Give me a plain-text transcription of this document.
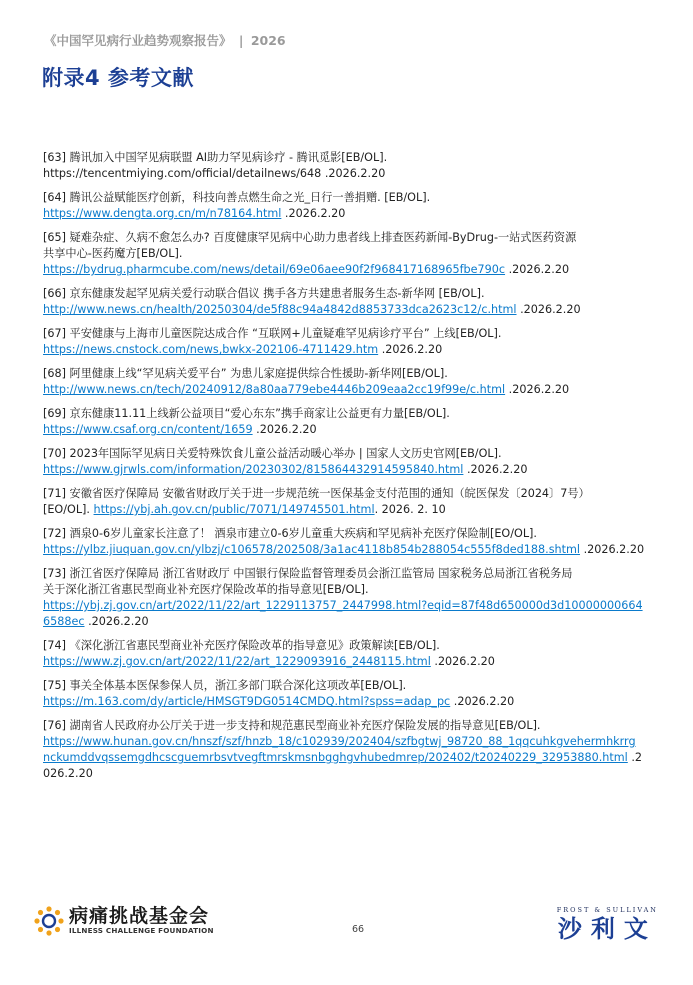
《中国罕见病行业趋势观察报告》 | 2026
附录4 参考文献
[63] 腾讯加入中国罕见病联盟 AI助力罕见病诊疗 - 腾讯觅影[EB/OL].
https://tencentmiying.com/official/detailnews/648 .2026.2.20
[64] 腾讯公益赋能医疗创新，科技向善点燃生命之光_日行一善捐赠. [EB/OL].
https://www.dengta.org.cn/m/n78164.html .2026.2.20
[65] 疑难杂症、久病不愈怎么办? 百度健康罕见病中心助力患者线上排查医药新闻-ByDrug-一站式医药资源
共享中心-医药魔方[EB/OL].
https://bydrug.pharmcube.com/news/detail/69e06aee90f2f968417168965fbe790c .2026.2.20
[66] 京东健康发起罕见病关爱行动联合倡议 携手各方共建患者服务生态-新华网 [EB/OL].
http://www.news.cn/health/20250304/de5f88c94a4842d8853733dca2623c12/c.html .2026.2.20
[67] 平安健康与上海市儿童医院达成合作 “互联网+儿童疑难罕见病诊疗平台” 上线[EB/OL].
https://news.cnstock.com/news,bwkx-202106-4711429.htm .2026.2.20
[68] 阿里健康上线“罕见病关爱平台” 为患儿家庭提供综合性援助-新华网[EB/OL].
http://www.news.cn/tech/20240912/8a80aa779ebe4446b209eaa2cc19f99e/c.html .2026.2.20
[69] 京东健康11.11上线新公益项目“爱心东东”携手商家让公益更有力量[EB/OL].
https://www.csaf.org.cn/content/1659 .2026.2.20
[70] 2023年国际罕见病日关爱特殊饮食儿童公益活动暖心举办 | 国家人文历史官网[EB/OL].
https://www.gjrwls.com/information/20230302/815864432914595840.html .2026.2.20
[71] 安徽省医疗保障局 安徽省财政厅关于进一步规范统一医保基金支付范围的通知（皖医保发〔2024〕7号）
[EO/OL]. https://ybj.ah.gov.cn/public/7071/149745501.html. 2026. 2. 10
[72] 酒泉0-6岁儿童家长注意了！ 酒泉市建立0-6岁儿童重大疾病和罕见病补充医疗保险制[EO/OL].
https://ylbz.jiuquan.gov.cn/ylbzj/c106578/202508/3a1ac4118b854b288054c555f8ded188.shtml .2026.2.20
[73] 浙江省医疗保障局 浙江省财政厅 中国银行保险监督管理委员会浙江监管局 国家税务总局浙江省税务局
关于深化浙江省惠民型商业补充医疗保险改革的指导意见[EB/OL].
https://ybj.zj.gov.cn/art/2022/11/22/art_1229113757_2447998.html?eqid=87f48d650000d3d10000000664
6588ec .2026.2.20
[74] 《深化浙江省惠民型商业补充医疗保险改革的指导意见》政策解读[EB/OL].
https://www.zj.gov.cn/art/2022/11/22/art_1229093916_2448115.html .2026.2.20
[75] 事关全体基本医保参保人员，浙江多部门联合深化这项改革[EB/OL].
https://m.163.com/dy/article/HMSGT9DG0514CMDQ.html?spss=adap_pc .2026.2.20
[76] 湖南省人民政府办公厅关于进一步支持和规范惠民型商业补充医疗保险发展的指导意见[EB/OL].
https://www.hunan.gov.cn/hnszf/szf/hnzb_18/c102939/202404/szfbgtwj_98720_88_1qqcuhkgvehermhkrrg
nckumddvqssemgdhcscguemrbsvtvegftmrskmsnbgghgvhubedmrep/202402/t20240229_32953880.html .2
026.2.20
病痛挑战基金会
ILLNESS CHALLENGE FOUNDATION	66
FROST & SULLIVAN
沙利文
